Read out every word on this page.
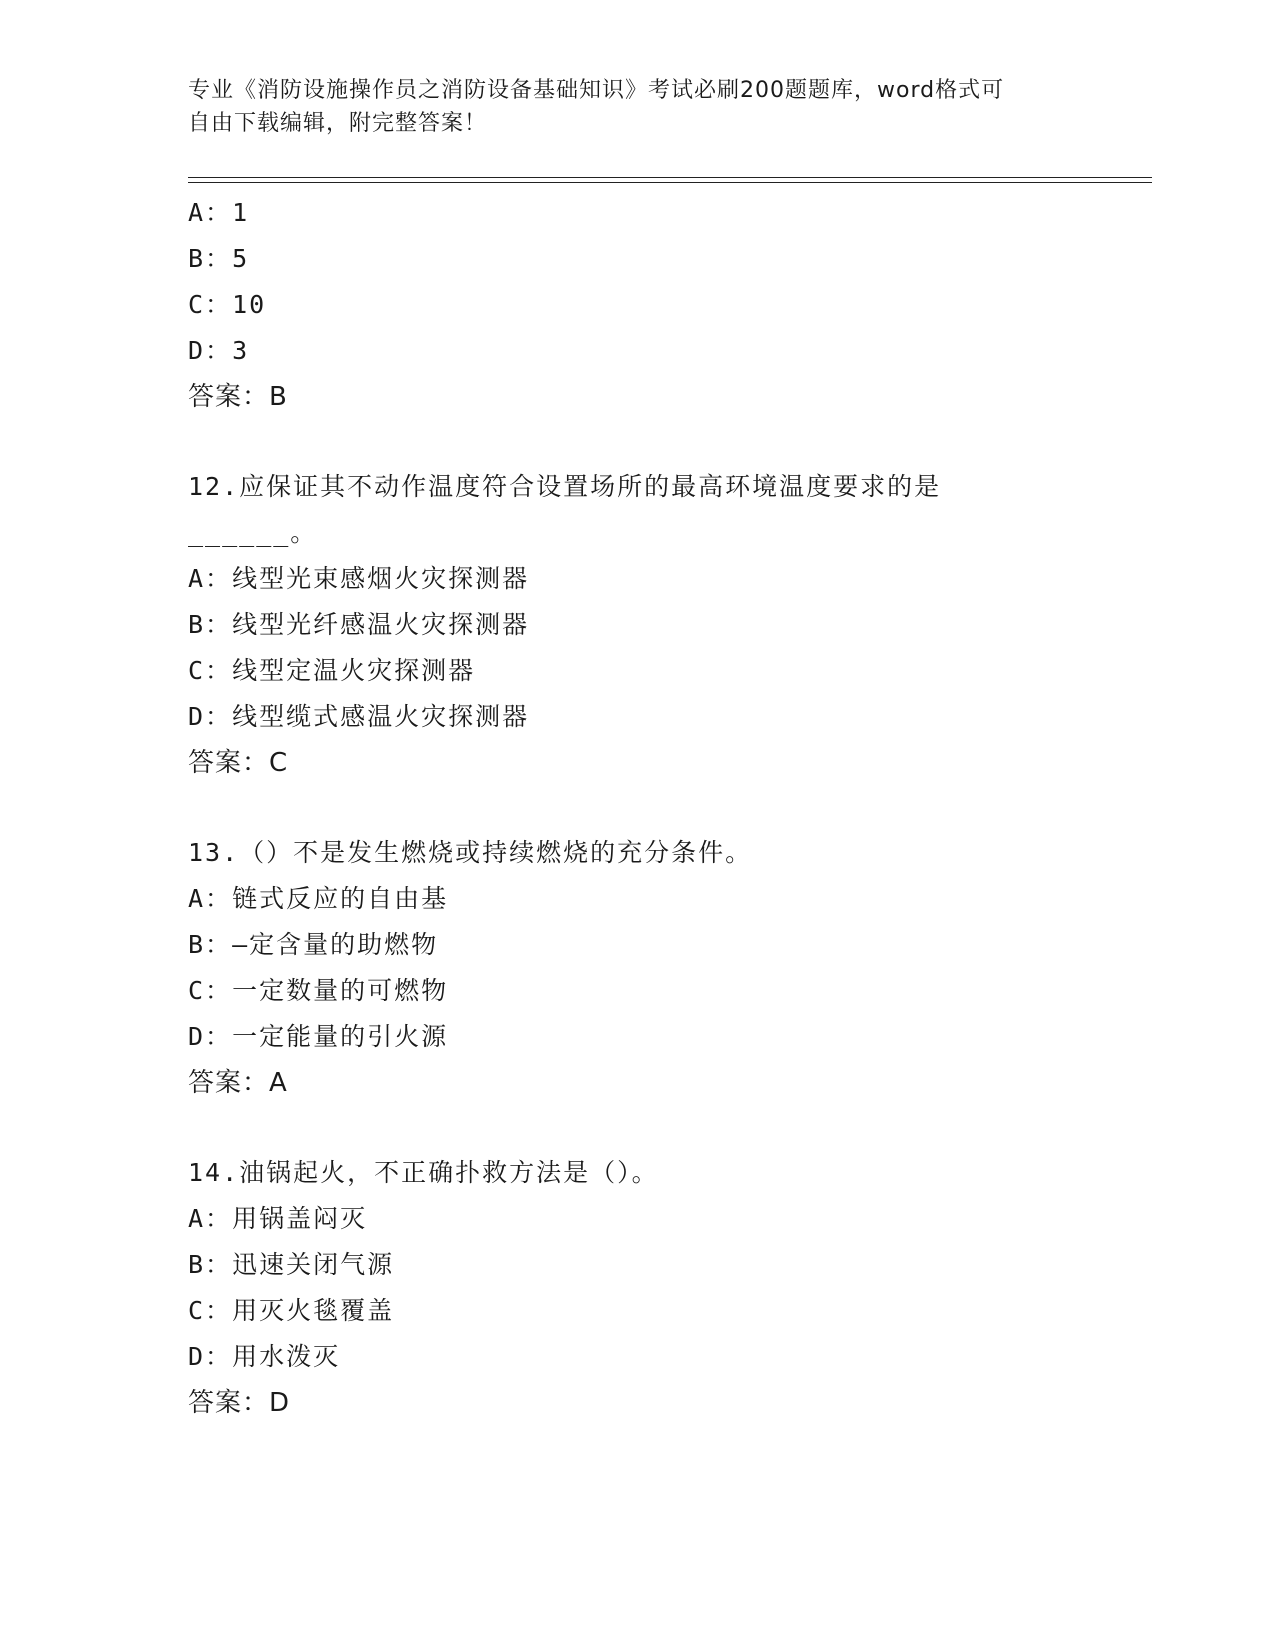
专业《消防设施操作员之消防设备基础知识》考试必刷200题题库，word格式可
自由下载编辑，附完整答案！
A：1
B：5
C：10
D：3
答案：B
12.应保证其不动作温度符合设置场所的最高环境温度要求的是
______。
A：线型光束感烟火灾探测器
B：线型光纤感温火灾探测器
C：线型定温火灾探测器
D：线型缆式感温火灾探测器
答案：C
13.（）不是发生燃烧或持续燃烧的充分条件。
A：链式反应的自由基
B：—定含量的助燃物
C：一定数量的可燃物
D：一定能量的引火源
答案：A
14.油锅起火，不正确扑救方法是（）。
A：用锅盖闷灭
B：迅速关闭气源
C：用灭火毯覆盖
D：用水泼灭
答案：D
